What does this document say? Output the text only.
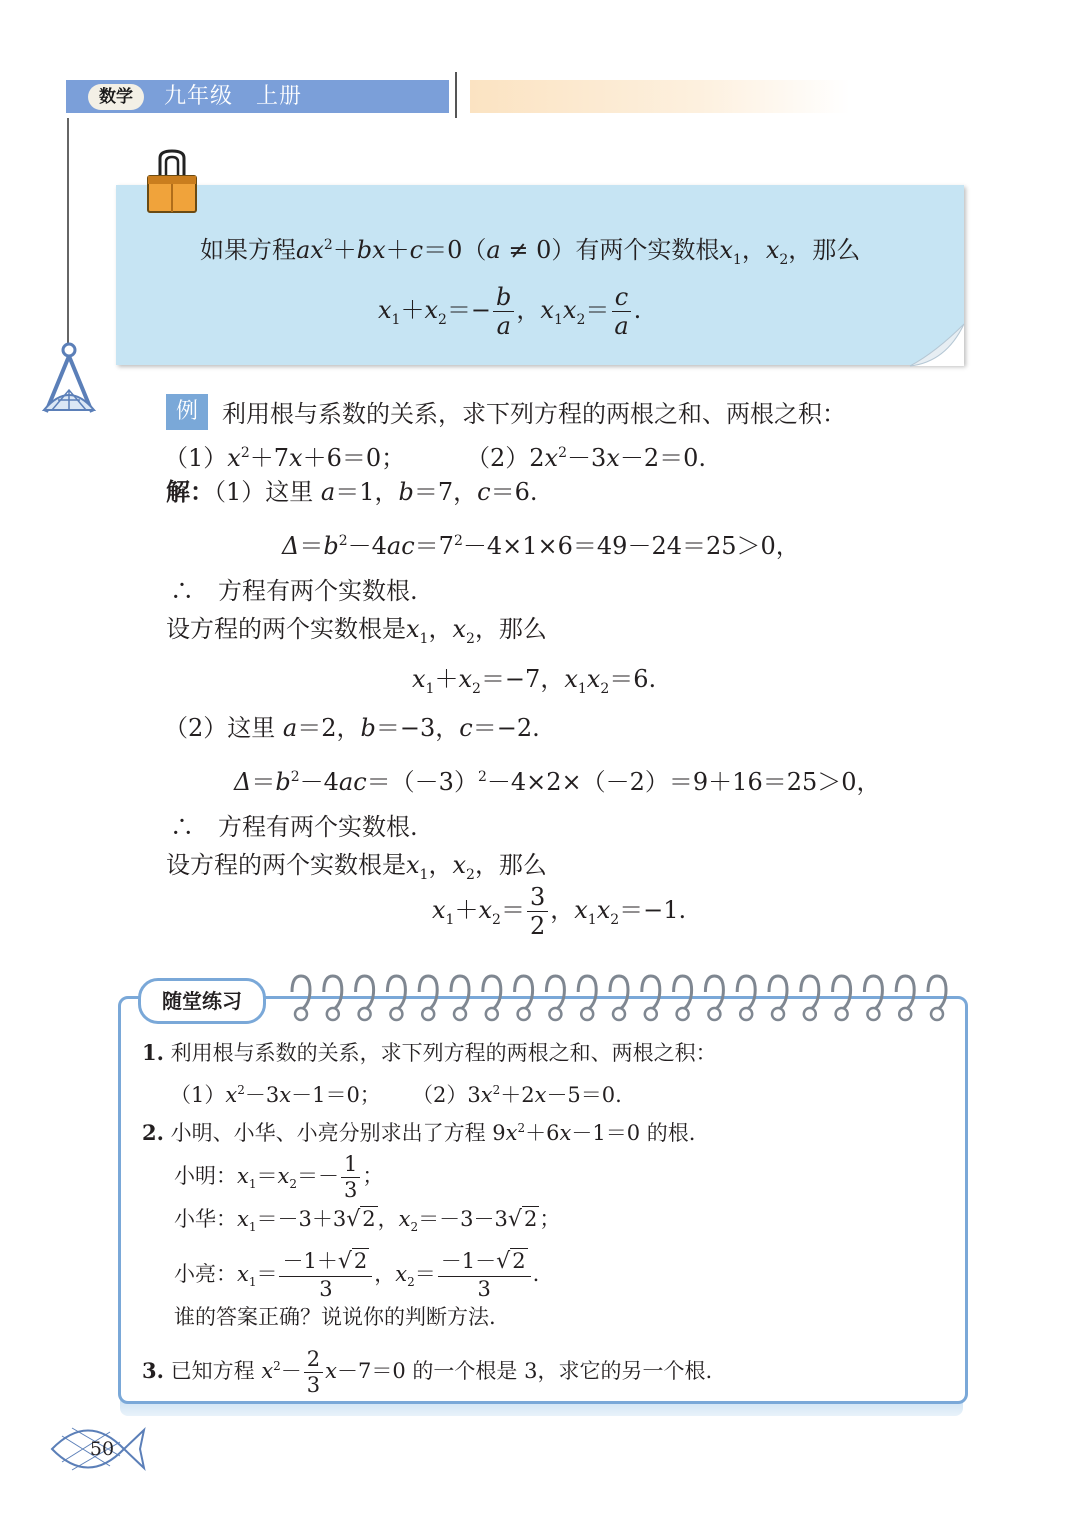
数学	九年级　上册
如果方程$ax^2+bx+c=0(a \ne 0)$有两个实数根$x_1$，$x_2$，那么
$x_1+x_2=- \frac{b}{a}$ ，$x_1x_2= \frac{c}{a}$ .
例	利用根与系数的关系，求下列方程的两根之和、两根之积：
$(1)x^2+7x+6=0$；	$(2)2x^2-3x-2=0$.
解：（1）这里 a＝1，b＝7，c＝6.
$\Delta=b^2-4ac=7^2-4\times 1\times 6=49-24=25>0$，
∴　 方程有两个实数根.
设方程的两个实数根是$x_1$，$x_2$，那么
$x_1+x_2=-7$，$x_1x_2=6$.
（2）这里 a＝2，b＝−3，c＝−2.
$\Delta=b^2-4ac=(-3)^2-4\times 2\times(-2)=9+16=25>0$，
∴　 方程有两个实数根.
设方程的两个实数根是$x_1$，$x_2$，那么
$x_1+x_2= \frac{3}{2}$ ，$x_1x_2=-1$.
随堂练习
1. 利用根与系数的关系，求下列方程的两根之和、两根之积：
$(1)x^2-3x-1=0$； $(2)3x^2+2x-5=0$.
2. 小明、小华、小亮分别求出了方程 $9x^2+6x-1=0$ 的根.
小明：$x_1=x_2=- \frac{1}{3}$ ；
小华：$x_1=-3+3√2$，$x_2=-3-3√2$；
小亮：$x_1= \frac{-1+√2}{3}$ ，$x_2= \frac{-1-√2}{3}$ .
谁的答案正确？说说你的判断方法.
3. 已知方程 $x^2- \frac{2}{3} x-7=0$ 的一个根是 3，求它的另一个根.
50
